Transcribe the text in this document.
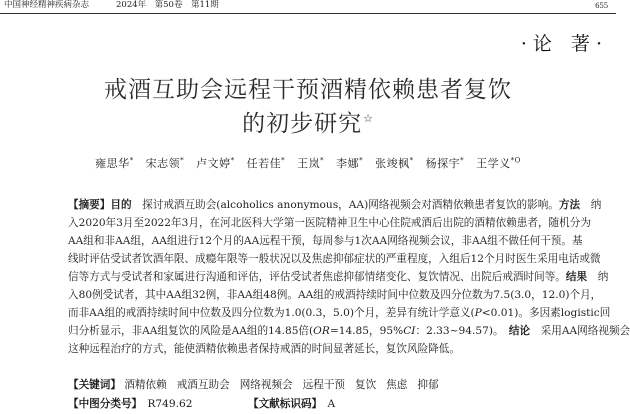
中国神经精神疾病杂志	2024年　第50卷　第11期	655
· 论　著 ·
戒酒互助会远程干预酒精依赖患者复饮
的初步研究☆
雍思华* 宋志领* 卢文婷* 任若佳* 王岚* 李娜* 张竣枫* 杨探宇* 王学义$^{*O}$
【摘要】目的　 探讨戒酒互助会(alcoholics anonymous，AA)网络视频会对酒精依赖患者复饮的影响。方法　 纳
入2020年3月至2022年3月，在河北医科大学第一医院精神卫生中心住院戒酒后出院的酒精依赖患者，随机分为
AA组和非AA组，AA组进行12个月的AA远程干预，每周参与1次AA网络视频会议，非AA组不做任何干预。基
线时评估受试者饮酒年限、成瘾年限等一般状况以及焦虑抑郁症状的严重程度，入组后12个月时医生采用电话或微
信等方式与受试者和家属进行沟通和评估，评估受试者焦虑抑郁情绪变化、复饮情况、出院后戒酒时间等。结果　 纳
入80例受试者，其中AA组32例，非AA组48例。AA组的戒酒持续时间中位数及四分位数为7.5(3.0，12.0)个月，
而非AA组的戒酒持续时间中位数及四分位数为1.0(0.3，5.0)个月，差异有统计学意义(P<0.01)。多因素logistic回
归分析显示，非AA组复饮的风险是AA组的14.85倍(OR=14.85，95%CI：2.33~94.57)。　 结论　 采用AA网络视频会
这种远程治疗的方式，能使酒精依赖患者保持戒酒的时间显著延长，复饮风险降低。
【关键词】 酒精依赖 戒酒互助会 网络视频会 远程干预 复饮 焦虑 抑郁
【中图分类号】　 R749.62	【文献标识码】　 A
